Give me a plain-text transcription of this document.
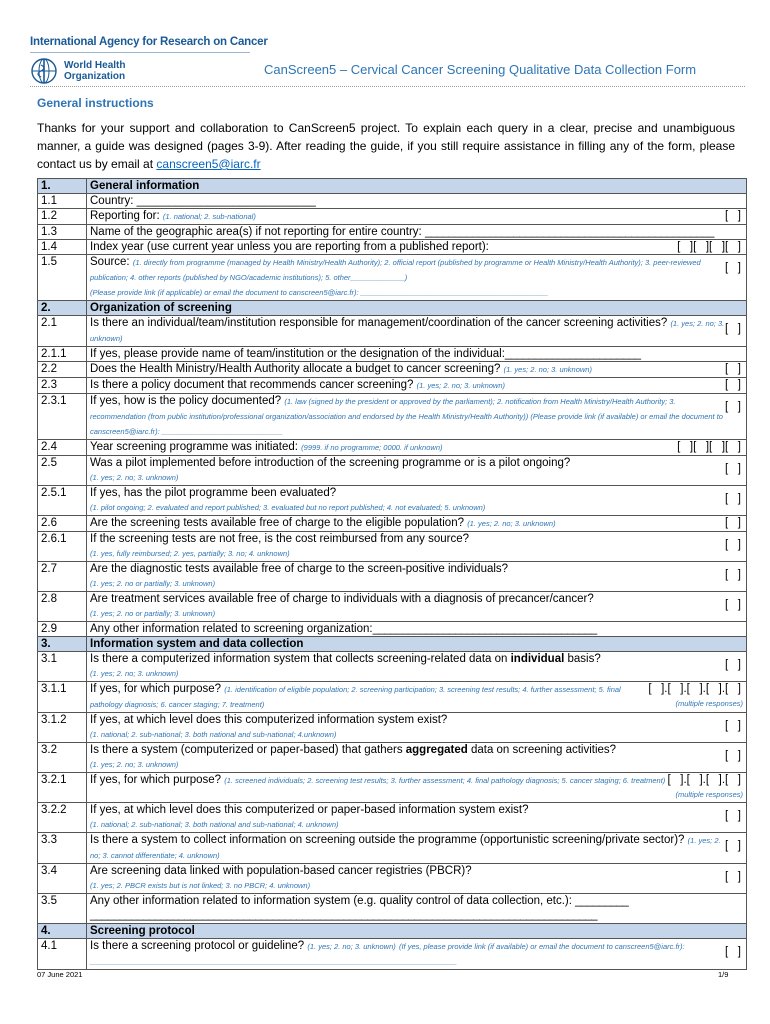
International Agency for Research on Cancer
World Health
Organization	CanScreen5 – Cervical Cancer Screening Qualitative Data Collection Form
General instructions
Thanks for your support and collaboration to CanScreen5 project. To explain each query in a clear, precise and unambiguous manner, a guide was designed (pages 3-9). After reading the guide, if you still require assistance in filling any of the form, please contact us by email at canscreen5@iarc.fr
1.	General information
1.1	Country: ____________________________
1.2	Reporting for: (1. national; 2. sub-national) [   ]

1.3	Name of the geographic area(s) if not reporting for entire country: _________________________________________________
1.4	Index year (use current year unless you are reporting from a published report): [   ][   ][   ][   ]

1.5	[   ]
Source: (1. directly from programme (managed by Health Ministry/Health Authority); 2. official report (published by programme or Health Ministry/Health Authority); 3. peer-reviewed publication; 4. other reports (published by NGO/academic institutions); 5. other_____________)
(Please provide link (if applicable) or email the document to canscreen5@iarc.fr): _____________________________________________
2.	Organization of screening
2.1	[   ]
Is there an individual/team/institution responsible for management/coordination of the cancer screening activities? (1. yes; 2. no; 3. unknown)
2.1.1	If yes, please provide name of team/institution or the designation of the individual:_______________________
2.2	Does the Health Ministry/Health Authority allocate a budget to cancer screening? (1. yes; 2. no; 3. unknown) [   ]

2.3	Is there a policy document that recommends cancer screening? (1. yes; 2. no; 3. unknown) [   ]

2.3.1	[   ]
If yes, how is the policy documented? (1. law (signed by the president or approved by the parliament); 2. notification from Health Ministry/Health Authority; 3. recommendation (from public institution/professional organization/association and endorsed by the Health Ministry/Health Authority)) (Please provide link (if available) or email the document to canscreen5@iarc.fr): _____________________________
2.4	Year screening programme was initiated: (9999. if no programme; 0000. if unknown) [   ][   ][   ][   ]

2.5	[   ]
Was a pilot implemented before introduction of the screening programme or is a pilot ongoing?
(1. yes; 2. no; 3. unknown)
2.5.1	[   ]
If yes, has the pilot programme been evaluated?
(1. pilot ongoing; 2. evaluated and report published; 3. evaluated but no report published; 4. not evaluated; 5. unknown)
2.6	Are the screening tests available free of charge to the eligible population? (1. yes; 2. no; 3. unknown) [   ]

2.6.1	[   ]
If the screening tests are not free, is the cost reimbursed from any source?
(1. yes, fully reimbursed; 2. yes, partially; 3. no; 4. unknown)
2.7	[   ]
Are the diagnostic tests available free of charge to the screen-positive individuals?
(1. yes; 2. no or partially; 3. unknown)
2.8	[   ]
Are treatment services available free of charge to individuals with a diagnosis of precancer/cancer?
(1. yes; 2. no or partially; 3. unknown)
2.9	Any other information related to screening organization:______________________________________
3.	Information system and data collection
3.1	[   ]
Is there a computerized information system that collects screening-related data on individual basis?
(1. yes; 2. no; 3. unknown)
3.1.1	[   ].[   ].[   ].[   ].[   ]
If yes, for which purpose? (1. identification of eligible population; 2. screening participation; 3. screening test results; 4. further assessment; 5. final pathology diagnosis; 6. cancer staging; 7. treatment) (multiple responses)

3.1.2	[   ]
If yes, at which level does this computerized information system exist?
(1. national; 2. sub-national; 3. both national and sub-national; 4.unknown)
3.2	[   ]
Is there a system (computerized or paper-based) that gathers aggregated data on screening activities?
(1. yes; 2. no; 3. unknown)
3.2.1	[   ].[   ].[   ].[   ]
If yes, for which purpose? (1. screened individuals; 2. screening test results; 3. further assessment; 4. final pathology diagnosis; 5. cancer staging; 6. treatment)
(multiple responses)

3.2.2	[   ]
If yes, at which level does this computerized or paper-based information system exist?
(1. national; 2. sub-national; 3. both national and sub-national; 4. unknown)
3.3	[   ]
Is there a system to collect information on screening outside the programme (opportunistic screening/private sector)? (1. yes; 2. no; 3. cannot differentiate; 4. unknown)
3.4	[   ]
Are screening data linked with population-based cancer registries (PBCR)?
(1. yes; 2. PBCR exists but is not linked; 3. no PBCR; 4. unknown)
3.5	Any other information related to information system (e.g. quality control of data collection, etc.): _________
______________________________________________________________________________________
4.	Screening protocol
4.1	[   ]
Is there a screening protocol or guideline? (1. yes; 2. no; 3. unknown) (If yes, please provide link (if available) or email the document to canscreen5@iarc.fr): ________________________________________________________________________________________
07 June 2021	1/9
